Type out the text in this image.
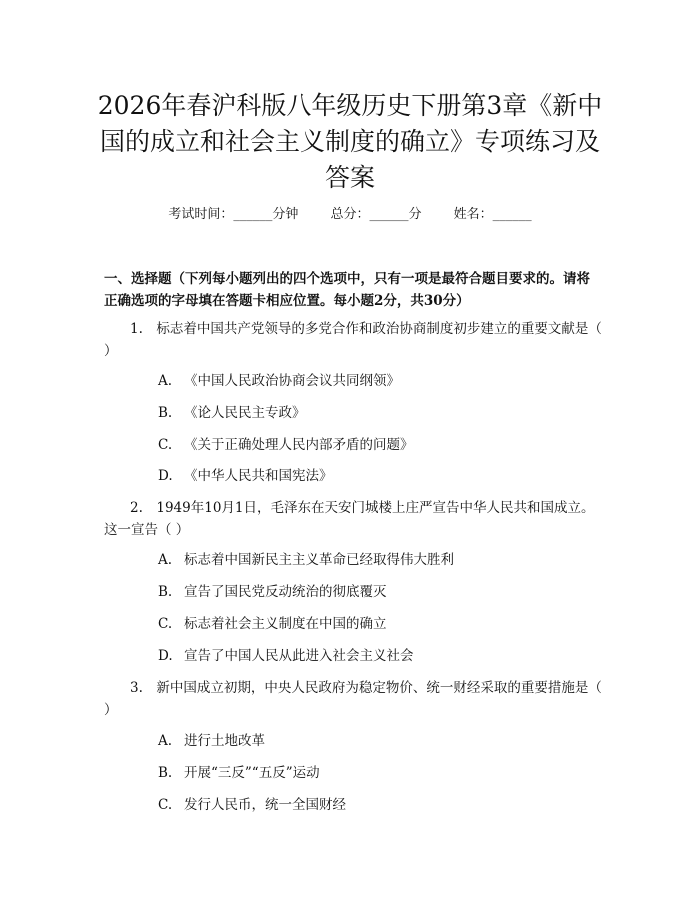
2026年春沪科版八年级历史下册第3章《新中国的成立和社会主义制度的确立》专项练习及答案
考试时间：______分钟 总分：______分 姓名：______

一、选择题（下列每小题列出的四个选项中，只有一项是最符合题目要求的。请将正确选项的字母填在答题卡相应位置。每小题2分，共30分）

1.　标志着中国共产党领导的多党合作和政治协商制度初步建立的重要文献是（ ）

A. 《中国人民政治协商会议共同纲领》

B. 《论人民民主专政》

C. 《关于正确处理人民内部矛盾的问题》

D. 《中华人民共和国宪法》

2.　1949年10月1日，毛泽东在天安门城楼上庄严宣告中华人民共和国成立。这一宣告（ ）

A. 标志着中国新民主主义革命已经取得伟大胜利

B. 宣告了国民党反动统治的彻底覆灭

C. 标志着社会主义制度在中国的确立

D. 宣告了中国人民从此进入社会主义社会

3.　新中国成立初期，中央人民政府为稳定物价、统一财经采取的重要措施是（ ）

A. 进行土地改革

B. 开展“三反”“五反”运动

C. 发行人民币，统一全国财经
